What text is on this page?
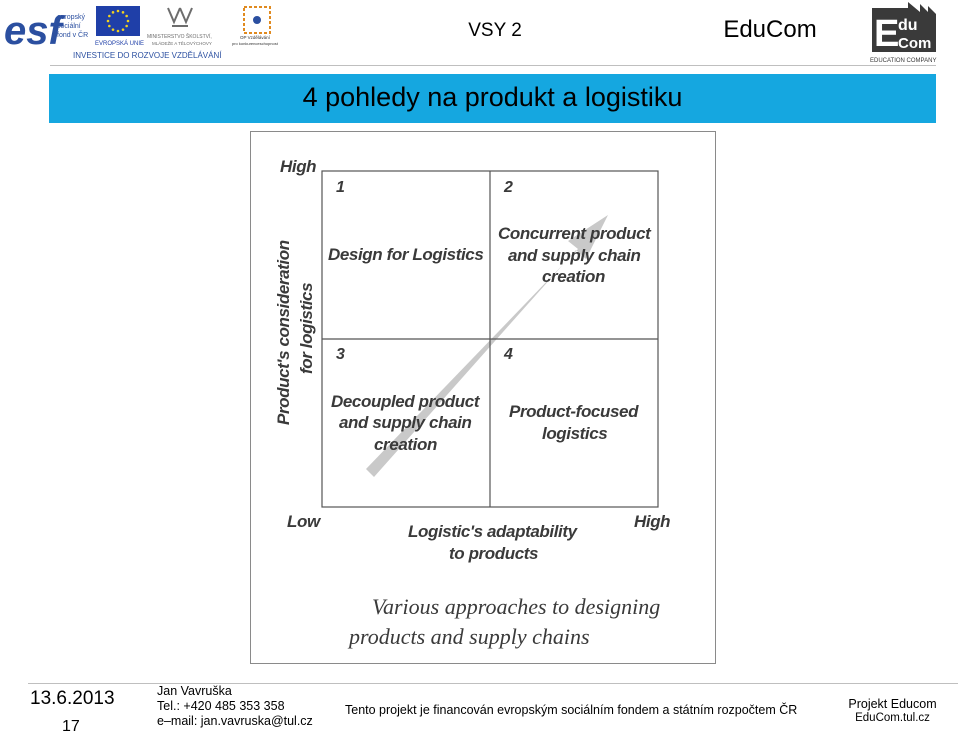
esf
evropský
sociální
fond v ČR
EVROPSKÁ UNIE
MINISTERSTVO ŠKOLSTVÍ,
MLÁDEŽE A TĚLOVÝCHOVY
OP Vzdělávání
pro konkurenceschopnost
INVESTICE DO ROZVOJE VZDĚLÁVÁNÍ
VSY 2	EduCom	E
du
Com
EDUCATION COMPANY
4 pohledy na produkt a logistiku
High
Low	High
Product's consideration for logistics
Logistic's adaptability
to products
1	2
3	4
Design for Logistics
Concurrent product
and supply chain
creation
Decoupled product
and supply chain
creation
Product-focused
logistics
Various approaches to designing
products and supply chains
13.6.2013
17
Jan Vavruška
Tel.: +420 485 353 358
e–mail: jan.vavruska@tul.cz
Tento projekt je financován evropským sociálním fondem a státním rozpočtem ČR	Projekt Educom
EduCom.tul.cz
